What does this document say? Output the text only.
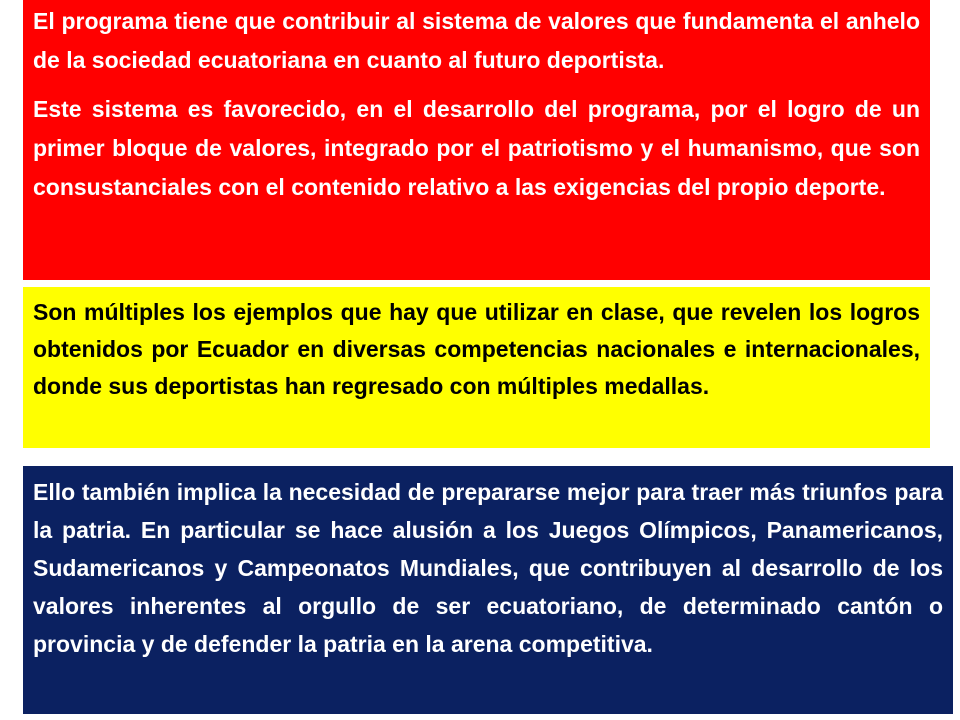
El programa tiene que contribuir al sistema de valores que fundamenta el anhelo de la sociedad ecuatoriana en cuanto al futuro deportista.

Este sistema es favorecido, en el desarrollo del programa, por el logro de un primer bloque de valores, integrado por el patriotismo y el humanismo, que son consustanciales con el contenido relativo a las exigencias del propio deporte.

Son múltiples los ejemplos que hay que utilizar en clase, que revelen los logros obtenidos por Ecuador en diversas competencias nacionales e internacionales, donde sus deportistas han regresado con múltiples medallas.

Ello también implica la necesidad de prepararse mejor para traer más triunfos para la patria. En particular se hace alusión a los Juegos Olímpicos, Panamericanos, Sudamericanos y Campeonatos Mundiales, que contribuyen al desarrollo de los valores inherentes al orgullo de ser ecuatoriano, de determinado cantón o provincia y de defender la patria en la arena competitiva.
